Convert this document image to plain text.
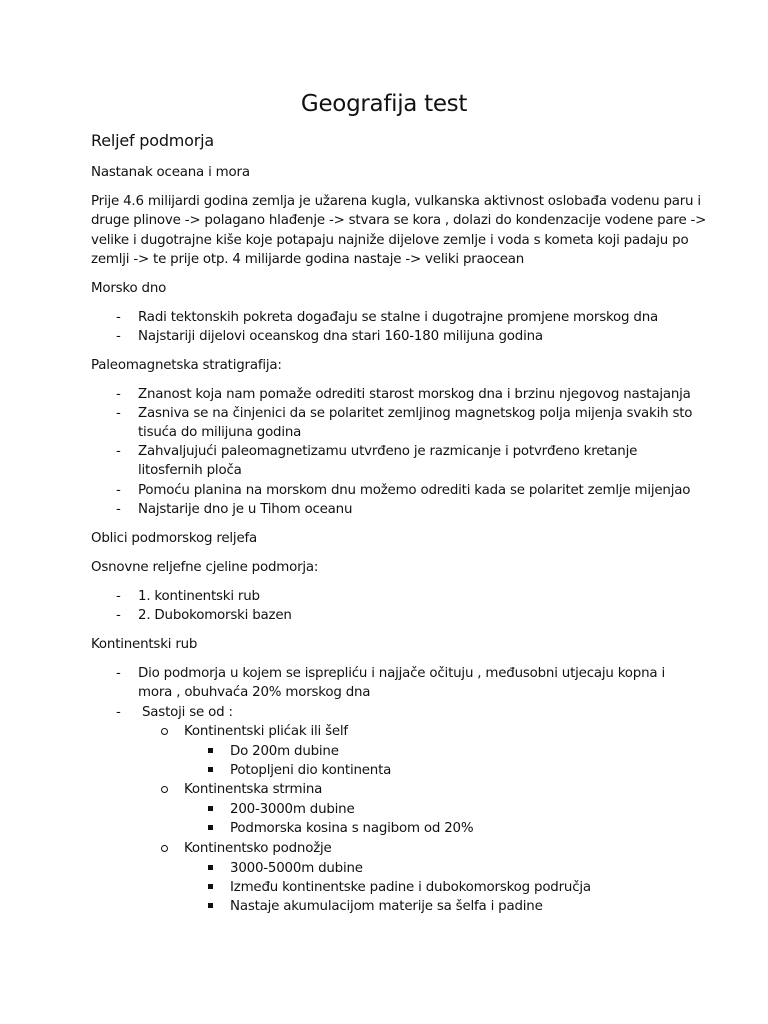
Geografija test
Reljef podmorja
Nastanak oceana i mora
Prije 4.6 milijardi godina zemlja je užarena kugla, vulkanska aktivnost oslobađa vodenu paru i
druge plinove -> polagano hlađenje -> stvara se kora , dolazi do kondenzacije vodene pare ->
velike i dugotrajne kiše koje potapaju najniže dijelove zemlje i voda s kometa koji padaju po
zemlji -> te prije otp. 4 milijarde godina nastaje -> veliki praocean
Morsko dno
- Radi tektonskih pokreta događaju se stalne i dugotrajne promjene morskog dna
- Najstariji dijelovi oceanskog dna stari 160-180 milijuna godina
Paleomagnetska stratigrafija:
- Znanost koja nam pomaže odrediti starost morskog dna i brzinu njegovog nastajanja
- Zasniva se na činjenici da se polaritet zemljinog magnetskog polja mijenja svakih sto
tisuća do milijuna godina
- Zahvaljujući paleomagnetizamu utvrđeno je razmicanje i potvrđeno kretanje
litosfernih ploča
- Pomoću planina na morskom dnu možemo odrediti kada se polaritet zemlje mijenjao
- Najstarije dno je u Tihom oceanu
Oblici podmorskog reljefa
Osnovne reljefne cjeline podmorja:
- 1. kontinentski rub
- 2. Dubokomorski bazen
Kontinentski rub
- Dio podmorja u kojem se isprepliću i najjače očituju , međusobni utjecaju kopna i
mora , obuhvaća 20% morskog dna
- Sastoji se od :
Kontinentski plićak ili šelf
Do 200m dubine
Potopljeni dio kontinenta
Kontinentska strmina
200-3000m dubine
Podmorska kosina s nagibom od 20%
Kontinentsko podnožje
3000-5000m dubine
Između kontinentske padine i dubokomorskog područja
Nastaje akumulacijom materije sa šelfa i padine
